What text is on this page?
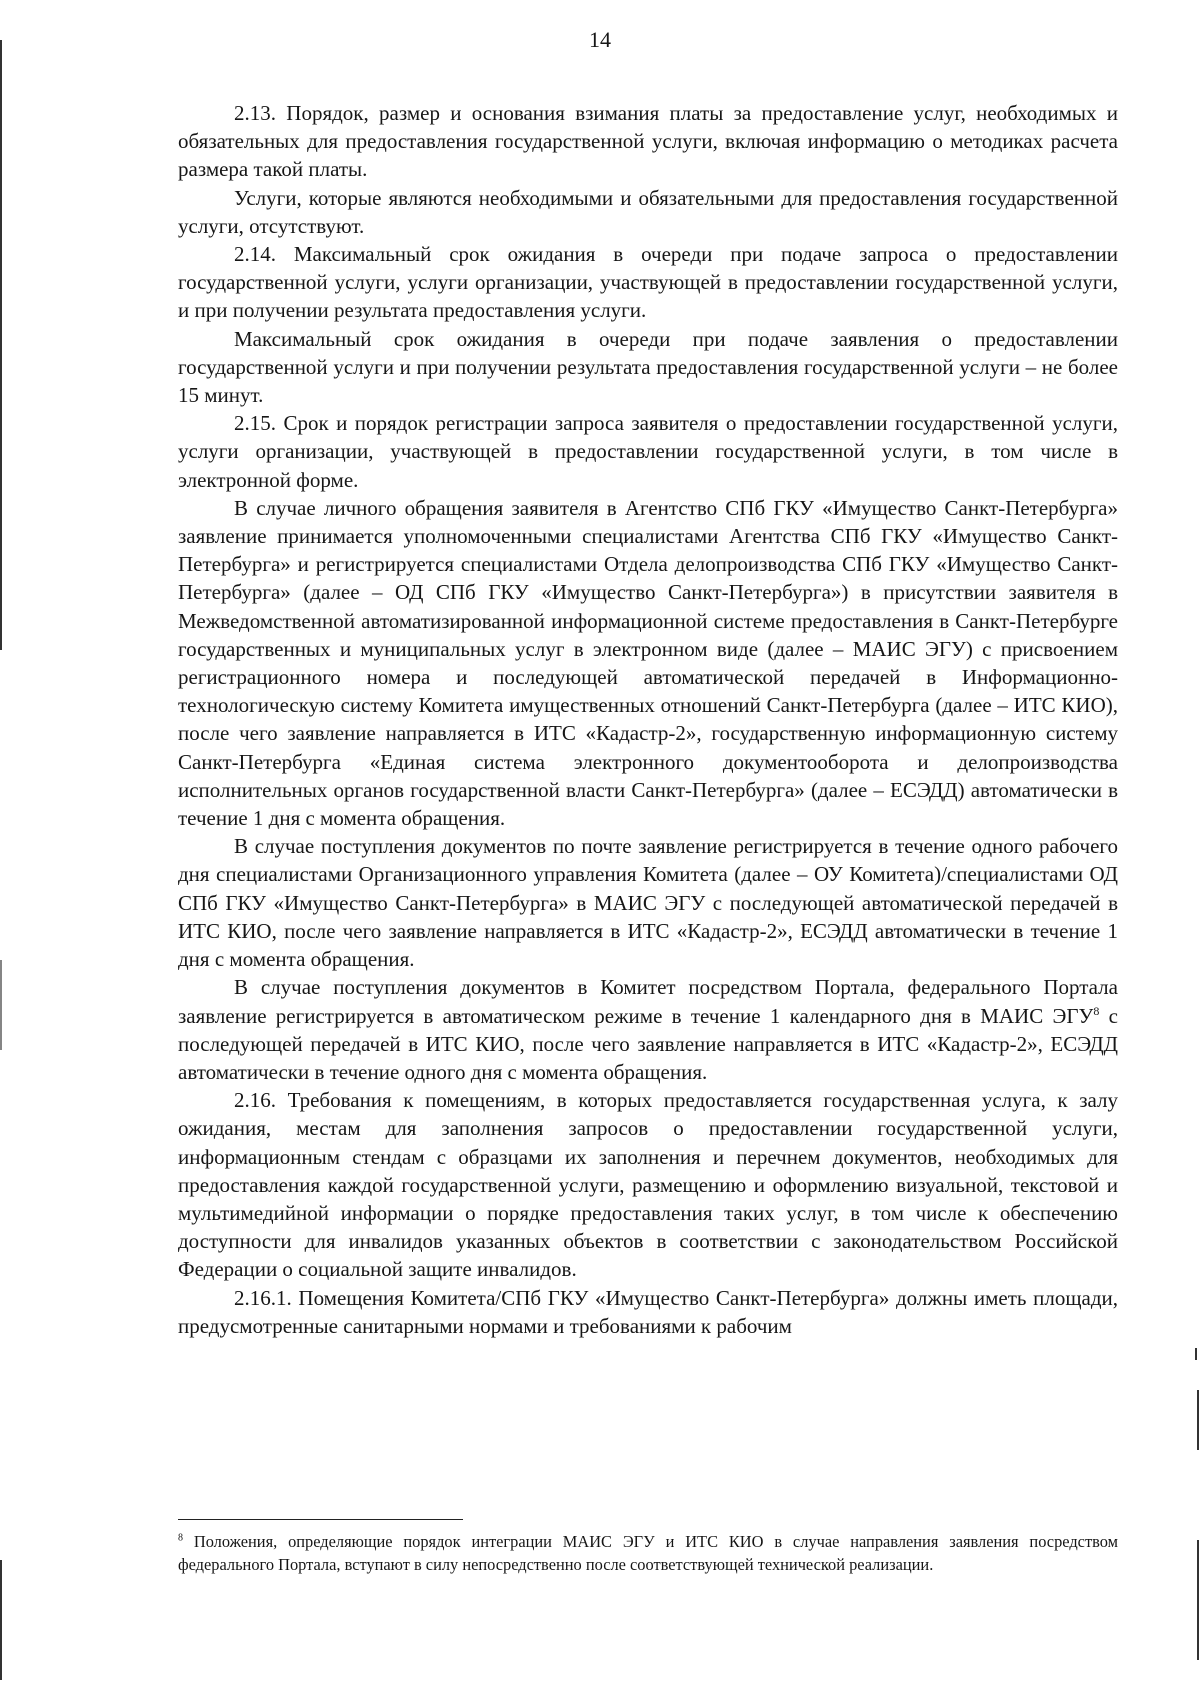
14

2.13. Порядок, размер и основания взимания платы за предоставление услуг, необходимых и обязательных для предоставления государственной услуги, включая информацию о методиках расчета размера такой платы.

Услуги, которые являются необходимыми и обязательными для предоставления государственной услуги, отсутствуют.

2.14. Максимальный срок ожидания в очереди при подаче запроса о предоставлении государственной услуги, услуги организации, участвующей в предоставлении государственной услуги, и при получении результата предоставления услуги.

Максимальный срок ожидания в очереди при подаче заявления о предоставлении государственной услуги и при получении результата предоставления государственной услуги – не более 15 минут.

2.15. Срок и порядок регистрации запроса заявителя о предоставлении государственной услуги, услуги организации, участвующей в предоставлении государственной услуги, в том числе в электронной форме.

В случае личного обращения заявителя в Агентство СПб ГКУ «Имущество Санкт-Петербурга» заявление принимается уполномоченными специалистами Агентства СПб ГКУ «Имущество Санкт-Петербурга» и регистрируется специалистами Отдела делопроизводства СПб ГКУ «Имущество Санкт-Петербурга» (далее – ОД СПб ГКУ «Имущество Санкт-Петербурга») в присутствии заявителя в Межведомственной автоматизированной информационной системе предоставления в Санкт-Петербурге государственных и муниципальных услуг в электронном виде (далее – МАИС ЭГУ) с присвоением регистрационного номера и последующей автоматической передачей в Информационно-технологическую систему Комитета имущественных отношений Санкт-Петербурга (далее – ИТС КИО), после чего заявление направляется в ИТС «Кадастр-2», государственную информационную систему Санкт-Петербурга «Единая система электронного документооборота и делопроизводства исполнительных органов государственной власти Санкт-Петербурга» (далее – ЕСЭДД) автоматически в течение 1 дня с момента обращения.

В случае поступления документов по почте заявление регистрируется в течение одного рабочего дня специалистами Организационного управления Комитета (далее – ОУ Комитета)/специалистами ОД СПб ГКУ «Имущество Санкт-Петербурга» в МАИС ЭГУ с последующей автоматической передачей в ИТС КИО, после чего заявление направляется в ИТС «Кадастр-2», ЕСЭДД автоматически в течение 1 дня с момента обращения.

В случае поступления документов в Комитет посредством Портала, федерального Портала заявление регистрируется в автоматическом режиме в течение 1 календарного дня в МАИС ЭГУ$^8$ с последующей передачей в ИТС КИО, после чего заявление направляется в ИТС «Кадастр-2», ЕСЭДД автоматически в течение одного дня с момента обращения.

2.16. Требования к помещениям, в которых предоставляется государственная услуга, к залу ожидания, местам для заполнения запросов о предоставлении государственной услуги, информационным стендам с образцами их заполнения и перечнем документов, необходимых для предоставления каждой государственной услуги, размещению и оформлению визуальной, текстовой и мультимедийной информации о порядке предоставления таких услуг, в том числе к обеспечению доступности для инвалидов указанных объектов в соответствии с законодательством Российской Федерации о социальной защите инвалидов.

2.16.1. Помещения Комитета/СПб ГКУ «Имущество Санкт-Петербурга» должны иметь площади, предусмотренные санитарными нормами и требованиями к рабочим

$^8$ Положения, определяющие порядок интеграции МАИС ЭГУ и ИТС КИО в случае направления заявления посредством федерального Портала, вступают в силу непосредственно после соответствующей технической реализации.
